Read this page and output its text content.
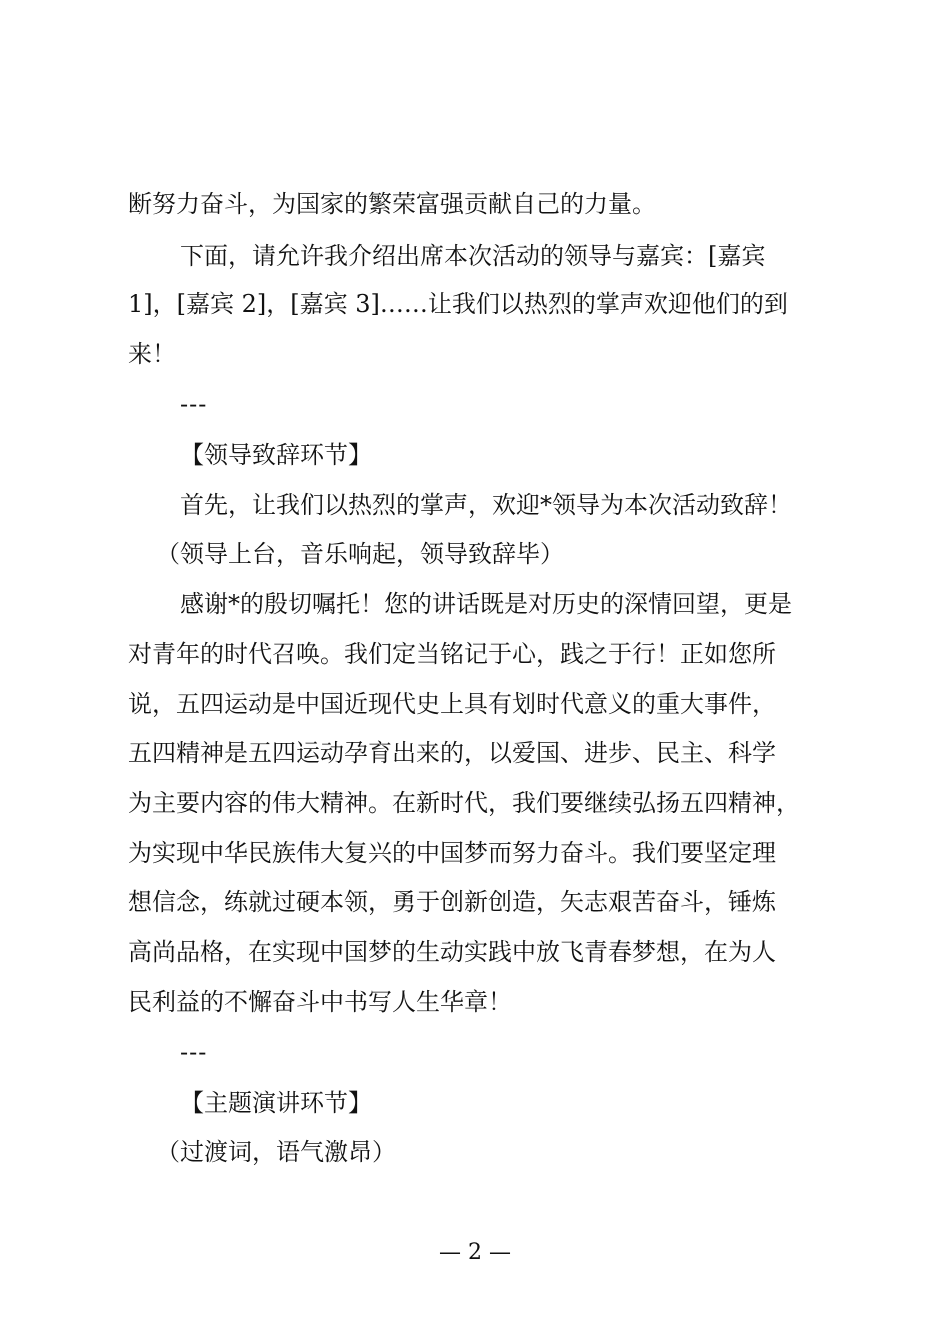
断努力奋斗，为国家的繁荣富强贡献自己的力量。
下面，请允许我介绍出席本次活动的领导与嘉宾：[嘉宾
1]，[嘉宾 2]，[嘉宾 3]……让我们以热烈的掌声欢迎他们的到
来！
---
【领导致辞环节】
首先，让我们以热烈的掌声，欢迎*领导为本次活动致辞！
（领导上台，音乐响起，领导致辞毕）
感谢*的殷切嘱托！您的讲话既是对历史的深情回望，更是
对青年的时代召唤。我们定当铭记于心，践之于行！正如您所
说，五四运动是中国近现代史上具有划时代意义的重大事件，
五四精神是五四运动孕育出来的，以爱国、进步、民主、科学
为主要内容的伟大精神。在新时代，我们要继续弘扬五四精神，
为实现中华民族伟大复兴的中国梦而努力奋斗。我们要坚定理
想信念，练就过硬本领，勇于创新创造，矢志艰苦奋斗，锤炼
高尚品格，在实现中国梦的生动实践中放飞青春梦想，在为人
民利益的不懈奋斗中书写人生华章！
---
【主题演讲环节】
（过渡词，语气激昂）
— 2 —
